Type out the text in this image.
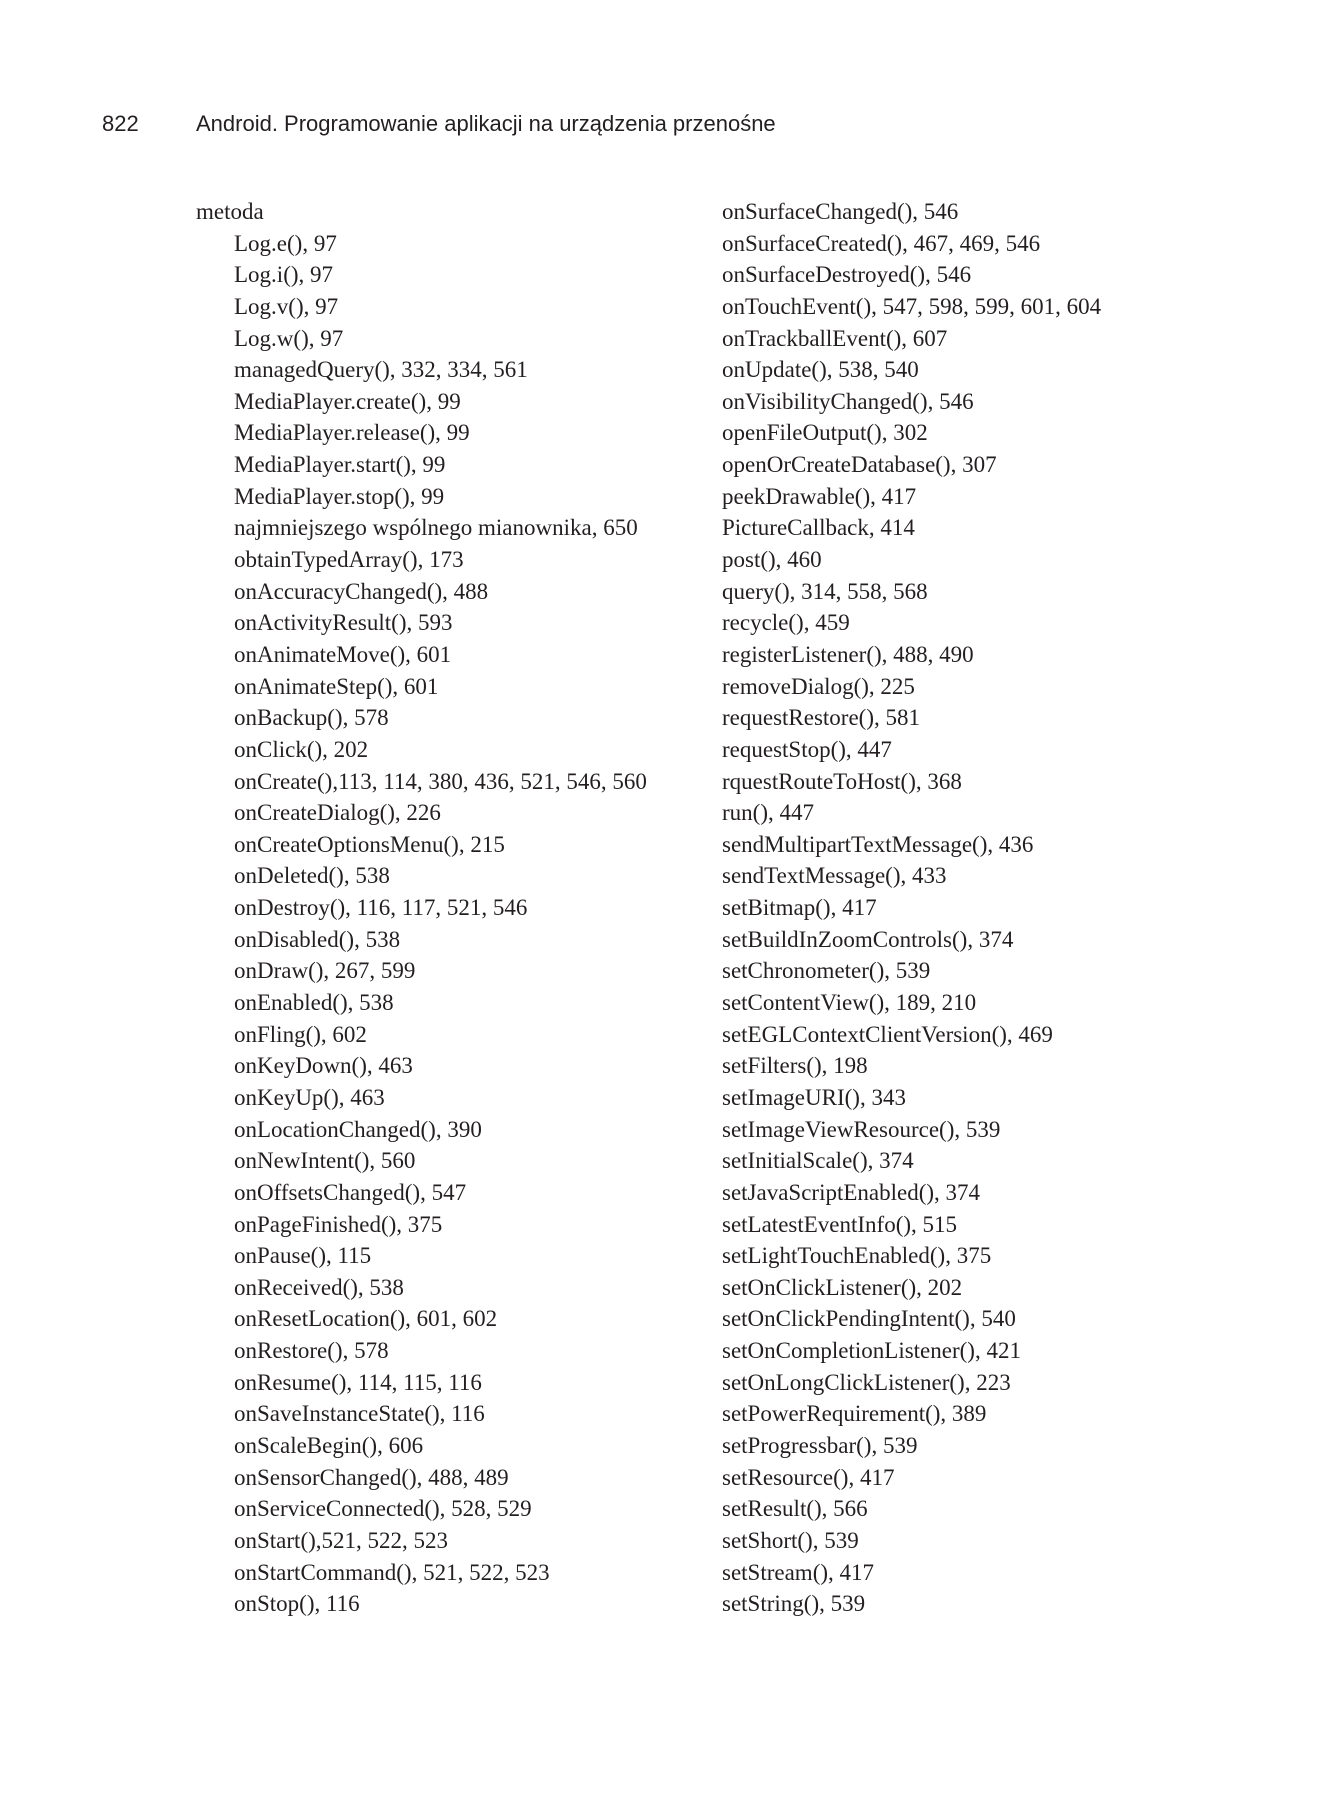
822	Android. Programowanie aplikacji na urządzenia przenośne
metoda
Log.e(), 97
Log.i(), 97
Log.v(), 97
Log.w(), 97
managedQuery(), 332, 334, 561
MediaPlayer.create(), 99
MediaPlayer.release(), 99
MediaPlayer.start(), 99
MediaPlayer.stop(), 99
najmniejszego wspólnego mianownika, 650
obtainTypedArray(), 173
onAccuracyChanged(), 488
onActivityResult(), 593
onAnimateMove(), 601
onAnimateStep(), 601
onBackup(), 578
onClick(), 202
onCreate(),113, 114, 380, 436, 521, 546, 560
onCreateDialog(), 226
onCreateOptionsMenu(), 215
onDeleted(), 538
onDestroy(), 116, 117, 521, 546
onDisabled(), 538
onDraw(), 267, 599
onEnabled(), 538
onFling(), 602
onKeyDown(), 463
onKeyUp(), 463
onLocationChanged(), 390
onNewIntent(), 560
onOffsetsChanged(), 547
onPageFinished(), 375
onPause(), 115
onReceived(), 538
onResetLocation(), 601, 602
onRestore(), 578
onResume(), 114, 115, 116
onSaveInstanceState(), 116
onScaleBegin(), 606
onSensorChanged(), 488, 489
onServiceConnected(), 528, 529
onStart(),521, 522, 523
onStartCommand(), 521, 522, 523
onStop(), 116
onSurfaceChanged(), 546
onSurfaceCreated(), 467, 469, 546
onSurfaceDestroyed(), 546
onTouchEvent(), 547, 598, 599, 601, 604
onTrackballEvent(), 607
onUpdate(), 538, 540
onVisibilityChanged(), 546
openFileOutput(), 302
openOrCreateDatabase(), 307
peekDrawable(), 417
PictureCallback, 414
post(), 460
query(), 314, 558, 568
recycle(), 459
registerListener(), 488, 490
removeDialog(), 225
requestRestore(), 581
requestStop(), 447
rquestRouteToHost(), 368
run(), 447
sendMultipartTextMessage(), 436
sendTextMessage(), 433
setBitmap(), 417
setBuildInZoomControls(), 374
setChronometer(), 539
setContentView(), 189, 210
setEGLContextClientVersion(), 469
setFilters(), 198
setImageURI(), 343
setImageViewResource(), 539
setInitialScale(), 374
setJavaScriptEnabled(), 374
setLatestEventInfo(), 515
setLightTouchEnabled(), 375
setOnClickListener(), 202
setOnClickPendingIntent(), 540
setOnCompletionListener(), 421
setOnLongClickListener(), 223
setPowerRequirement(), 389
setProgressbar(), 539
setResource(), 417
setResult(), 566
setShort(), 539
setStream(), 417
setString(), 539
